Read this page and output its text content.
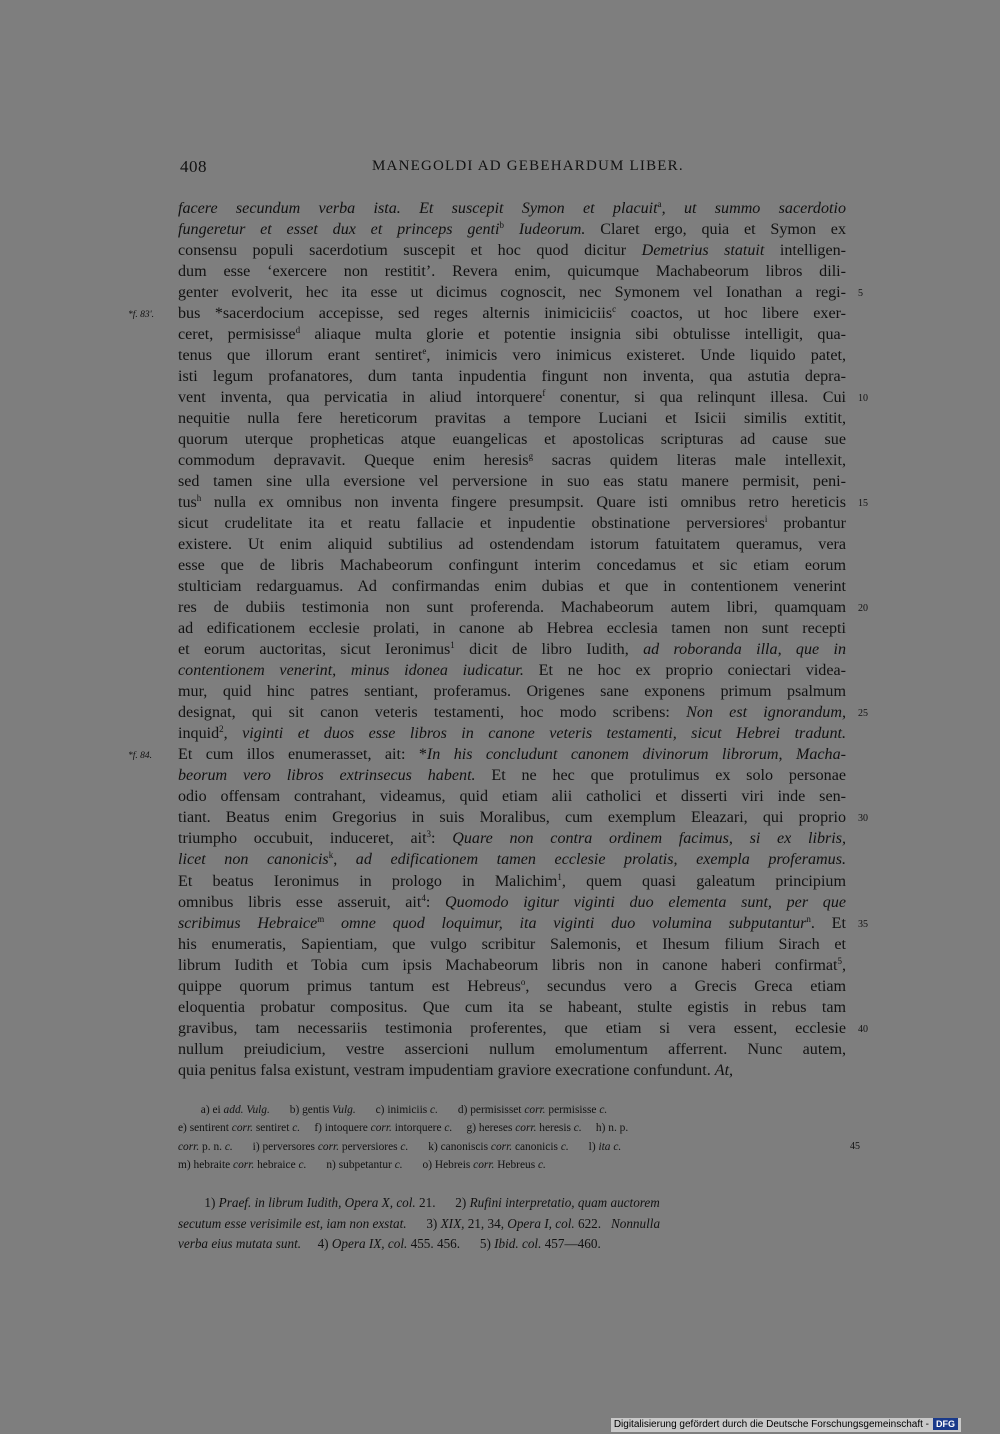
408	MANEGOLDI AD GEBEHARDUM LIBER.
facere secundum verba ista. Et suscepit Symon et placuit$^a$, ut summo sacerdotio
fungeretur et esset dux et princeps genti$^b$ Iudeorum. Claret ergo, quia et Symon ex
consensu populi sacerdotium suscepit et hoc quod dicitur Demetrius statuit intelligen-
dum esse ‘exercere non restitit’. Revera enim, quicumque Machabeorum libros dili-
genter evolverit, hec ita esse ut dicimus cognoscit, nec Symonem vel Ionathan a regi- 5
bus *sacerdocium accepisse, sed reges alternis inimiciciis$^c$ coactos, ut hoc libere exer-
*f. 83'.
ceret, permisisse$^d$ aliaque multa glorie et potentie insignia sibi obtulisse intelligit, qua-
tenus que illorum erant sentiret$^e$, inimicis vero inimicus existeret. Unde liquido patet,
isti legum profanatores, dum tanta inpudentia fingunt non inventa, qua astutia depra-
vent inventa, qua pervicatia in aliud intorquere$^f$ conentur, si qua relinqunt illesa. Cui 10
nequitie nulla fere hereticorum pravitas a tempore Luciani et Isicii similis extitit,
quorum uterque propheticas atque euangelicas et apostolicas scripturas ad cause sue
commodum depravavit. Queque enim heresis$^g$ sacras quidem literas male intellexit,
sed tamen sine ulla eversione vel perversione in suo eas statu manere permisit, peni-
tus$^h$ nulla ex omnibus non inventa fingere presumpsit. Quare isti omnibus retro hereticis 15
sicut crudelitate ita et reatu fallacie et inpudentie obstinatione perversiores$^i$ probantur
existere. Ut enim aliquid subtilius ad ostendendam istorum fatuitatem queramus, vera
esse que de libris Machabeorum confingunt interim concedamus et sic etiam eorum
stulticiam redarguamus. Ad confirmandas enim dubias et que in contentionem venerint
res de dubiis testimonia non sunt proferenda. Machabeorum autem libri, quamquam 20
ad edificationem ecclesie prolati, in canone ab Hebrea ecclesia tamen non sunt recepti
et eorum auctoritas, sicut Ieronimus$^1$ dicit de libro Iudith, ad roboranda illa, que in
contentionem venerint, minus idonea iudicatur. Et ne hoc ex proprio coniectari videa-
mur, quid hinc patres sentiant, proferamus. Origenes sane exponens primum psalmum
designat, qui sit canon veteris testamenti, hoc modo scribens: Non est ignorandum, 25
inquid$^2$, viginti et duos esse libros in canone veteris testamenti, sicut Hebrei tradunt.
Et cum illos enumerasset, ait: *In his concludunt canonem divinorum librorum, Macha-
*f. 84.
beorum vero libros extrinsecus habent. Et ne hec que protulimus ex solo personae
odio offensam contrahant, videamus, quid etiam alii catholici et disserti viri inde sen-
tiant. Beatus enim Gregorius in suis Moralibus, cum exemplum Eleazari, qui proprio 30
triumpho occubuit, induceret, ait$^3$: Quare non contra ordinem facimus, si ex libris,
licet non canonicis$^k$, ad edificationem tamen ecclesie prolatis, exempla proferamus.
Et beatus Ieronimus in prologo in Malichim$^1$, quem quasi galeatum principium
omnibus libris esse asseruit, ait$^4$: Quomodo igitur viginti duo elementa sunt, per que
scribimus Hebraice$^m$ omne quod loquimur, ita viginti duo volumina subputantur$^n$. Et 35
his enumeratis, Sapientiam, que vulgo scribitur Salemonis, et Ihesum filium Sirach et
librum Iudith et Tobia cum ipsis Machabeorum libris non in canone haberi confirmat$^5$,
quippe quorum primus tantum est Hebreus$^o$, secundus vero a Grecis Greca etiam
eloquentia probatur compositus. Que cum ita se habeant, stulte egistis in rebus tam
gravibus, tam necessariis testimonia proferentes, que etiam si vera essent, ecclesie 40
nullum preiudicium, vestre assercioni nullum emolumentum afferrent. Nunc autem,
quia penitus falsa existunt, vestram impudentiam graviore execratione confundunt. At,
a) ei add. Vulg.       b) gentis Vulg.       c) inimiciis c.       d) permisisset corr. permisisse c.
e) sentirent corr. sentiret c.     f) intoquere corr. intorquere c.     g) hereses corr. heresis c.     h) n. p.
corr. p. n. c.       i) perversores corr. perversiores c.       k) canoniscis corr. canonicis c.       l) ita c.	45
m) hebraite corr. hebraice c.       n) subpetantur c.       o) Hebreis corr. Hebreus c.
1) Praef. in librum Iudith, Opera X, col. 21.      2) Rufini interpretatio, quam auctorem
secutum esse verisimile est, iam non exstat.      3) XIX, 21, 34, Opera I, col. 622.   Nonnulla
verba eius mutata sunt.     4) Opera IX, col. 455. 456.      5) Ibid. col. 457—460.
Digitalisierung gefördert durch die Deutsche Forschungsgemeinschaft - DFG
